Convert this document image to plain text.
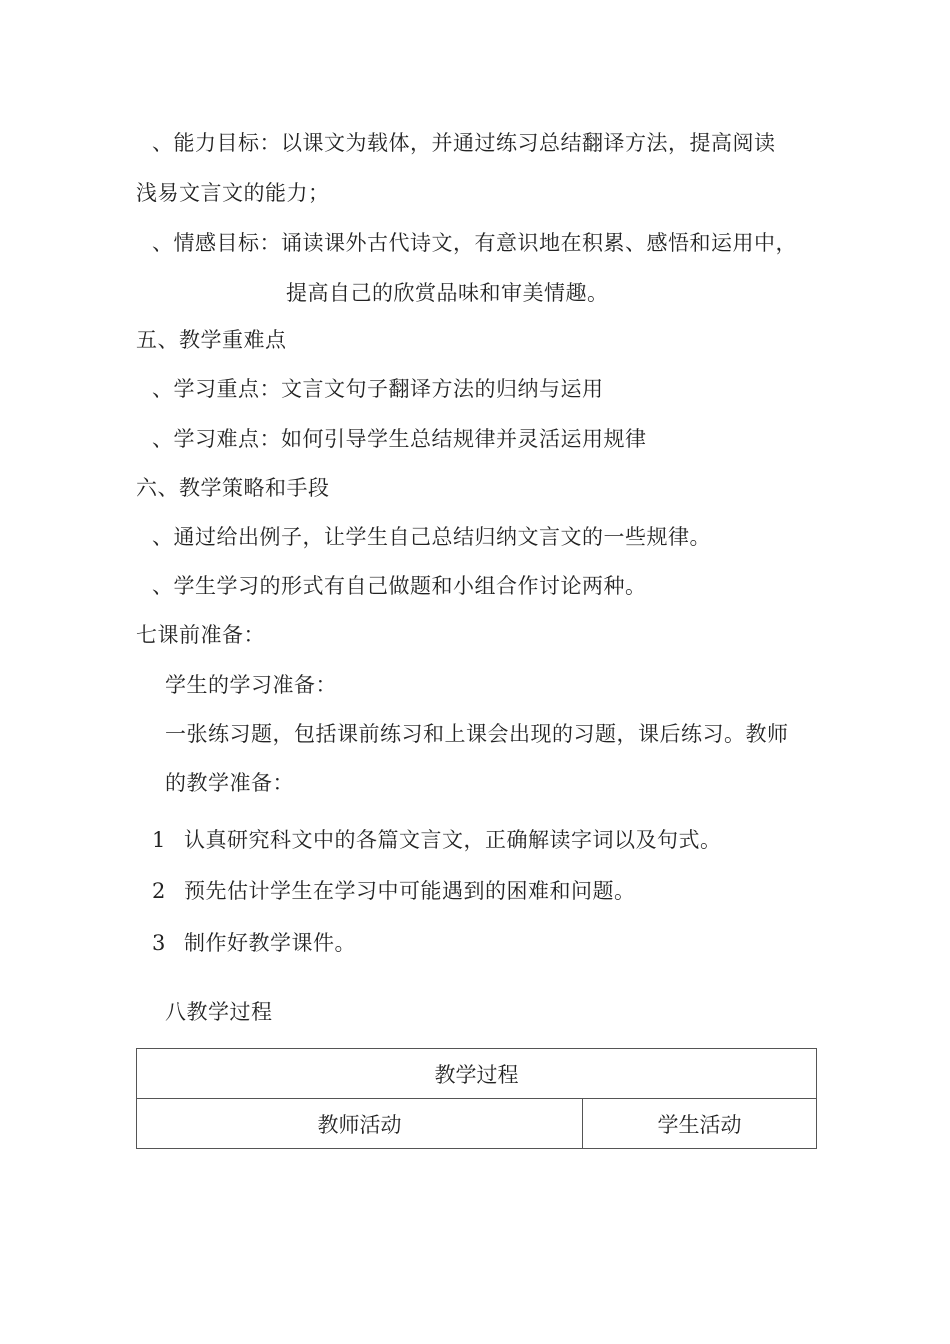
、能力目标：以课文为载体，并通过练习总结翻译方法，提高阅读
浅易文言文的能力；
、情感目标：诵读课外古代诗文，有意识地在积累、感悟和运用中，
提高自己的欣赏品味和审美情趣。
五、教学重难点
、学习重点：文言文句子翻译方法的归纳与运用
、学习难点：如何引导学生总结规律并灵活运用规律
六、教学策略和手段
、通过给出例子，让学生自己总结归纳文言文的一些规律。
、学生学习的形式有自己做题和小组合作讨论两种。
七课前准备：
学生的学习准备：
一张练习题，包括课前练习和上课会出现的习题，课后练习。教师
的教学准备：
1 认真研究科文中的各篇文言文，正确解读字词以及句式。
2 预先估计学生在学习中可能遇到的困难和问题。
3 制作好教学课件。
八教学过程
教学过程
教师活动	学生活动
